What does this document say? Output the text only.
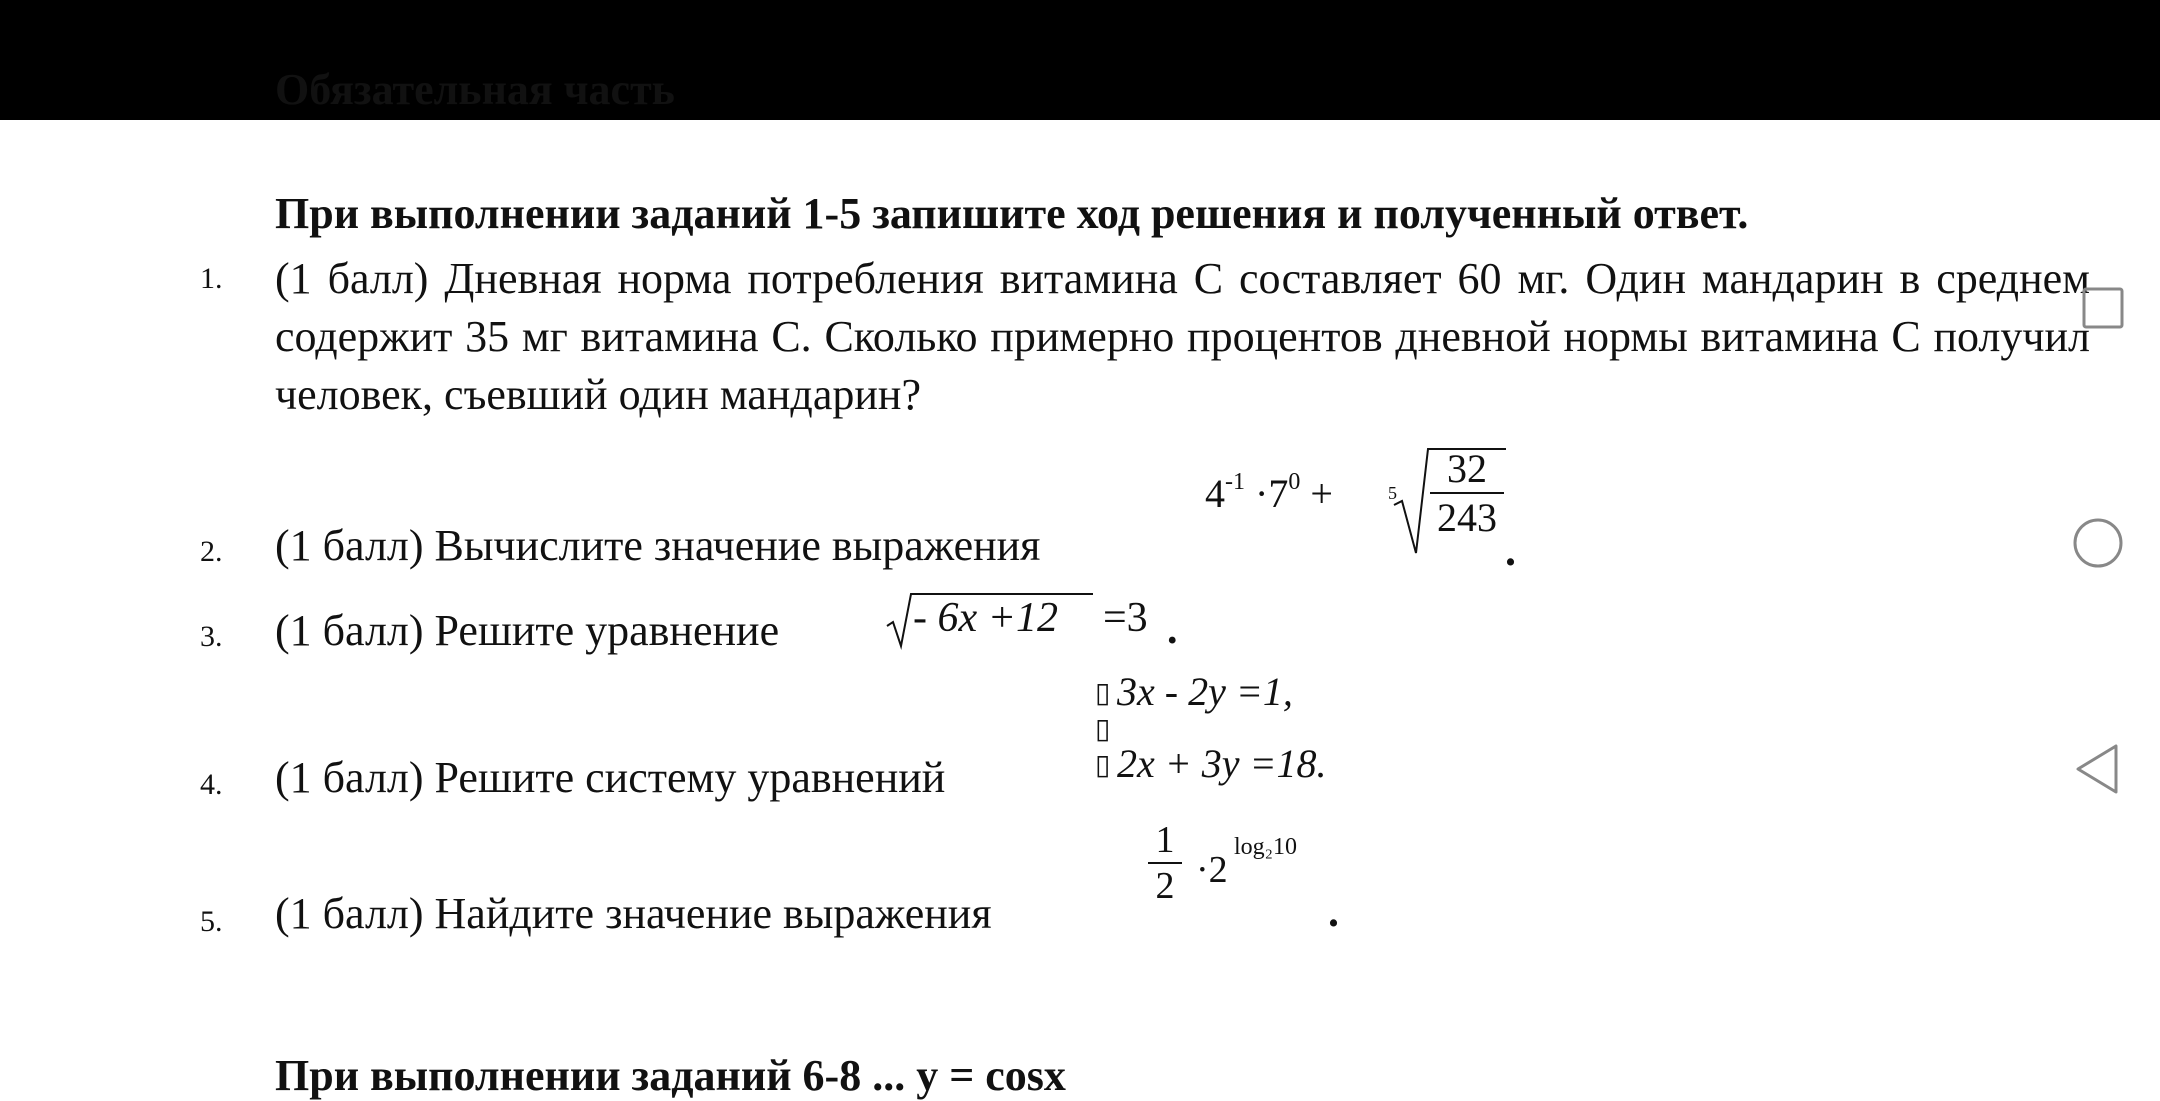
Обязательная часть
При выполнении заданий 1-5 запишите ход решения и полученный ответ.
1. (1 балл) Дневная норма потребления витамина С составляет 60 мг. Один мандарин в среднем содержит 35 мг витамина С. Сколько примерно процентов дневной нормы витамина С получил человек, съевший один мандарин?
2. (1 балл) Вычислите значение выражения
$4^{-1} \cdot 7^0$ +	$5 \frac{32}{243}$
.
3. (1 балл) Решите уравнение	- 6x +12 =3 .
4. (1 балл) Решите систему уравнений
▯
▯
▯
3x - 2y =1,
2x + 3y =18.
5. (1 балл) Найдите значение выражения
$\frac{1}{2} \cdot 2$
log₂10
.
При выполнении заданий 6-8 ... y = cosx
